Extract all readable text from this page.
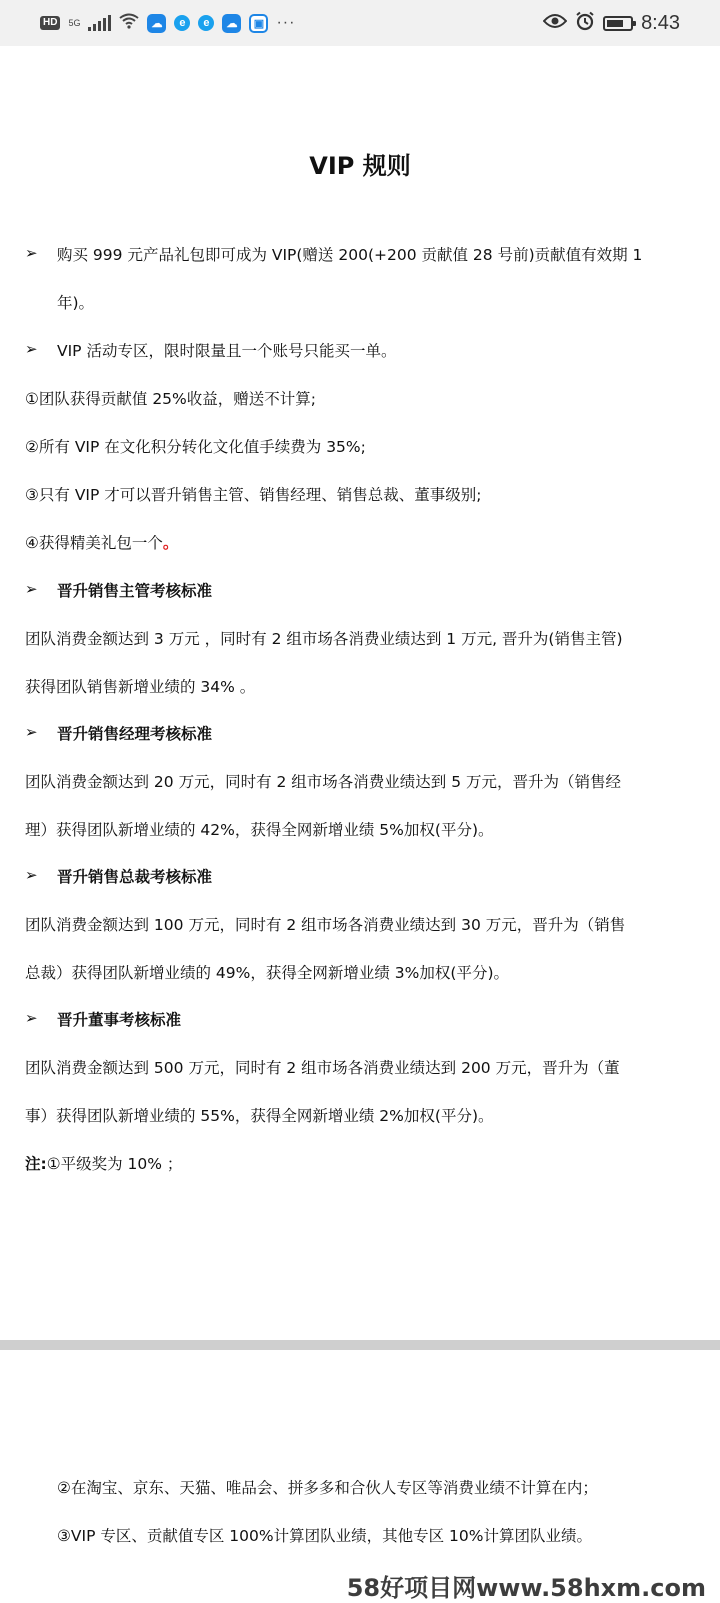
HD	5G	☁	e	e	☁	▣ ···	8:43
VIP 规则
➢ 购买 999 元产品礼包即可成为 VIP(赠送 200(+200 贡献值 28 号前)贡献值有效期 1
年)。
➢ VIP 活动专区，限时限量且一个账号只能买一单。
①团队获得贡献值 25%收益，赠送不计算;
②所有 VIP 在文化积分转化文化值手续费为 35%;
③只有 VIP 才可以晋升销售主管、销售经理、销售总裁、董事级别;
④获得精美礼包一个。
➢ 晋升销售主管考核标准
团队消费金额达到 3 万元 ，同时有 2 组市场各消费业绩达到 1 万元, 晋升为(销售主管)
获得团队销售新增业绩的 34% 。
➢ 晋升销售经理考核标准
团队消费金额达到 20 万元，同时有 2 组市场各消费业绩达到 5 万元，晋升为（销售经
理）获得团队新增业绩的 42%，获得全网新增业绩 5%加权(平分)。
➢ 晋升销售总裁考核标准
团队消费金额达到 100 万元，同时有 2 组市场各消费业绩达到 30 万元，晋升为（销售
总裁）获得团队新增业绩的 49%，获得全网新增业绩 3%加权(平分)。
➢ 晋升董事考核标准
团队消费金额达到 500 万元，同时有 2 组市场各消费业绩达到 200 万元，晋升为（董
事）获得团队新增业绩的 55%，获得全网新增业绩 2%加权(平分)。
注:①平级奖为 10% ；
②在淘宝、京东、天猫、唯品会、拼多多和合伙人专区等消费业绩不计算在内；
③VIP 专区、贡献值专区 100%计算团队业绩，其他专区 10%计算团队业绩。
58好项目网www.58hxm.com
